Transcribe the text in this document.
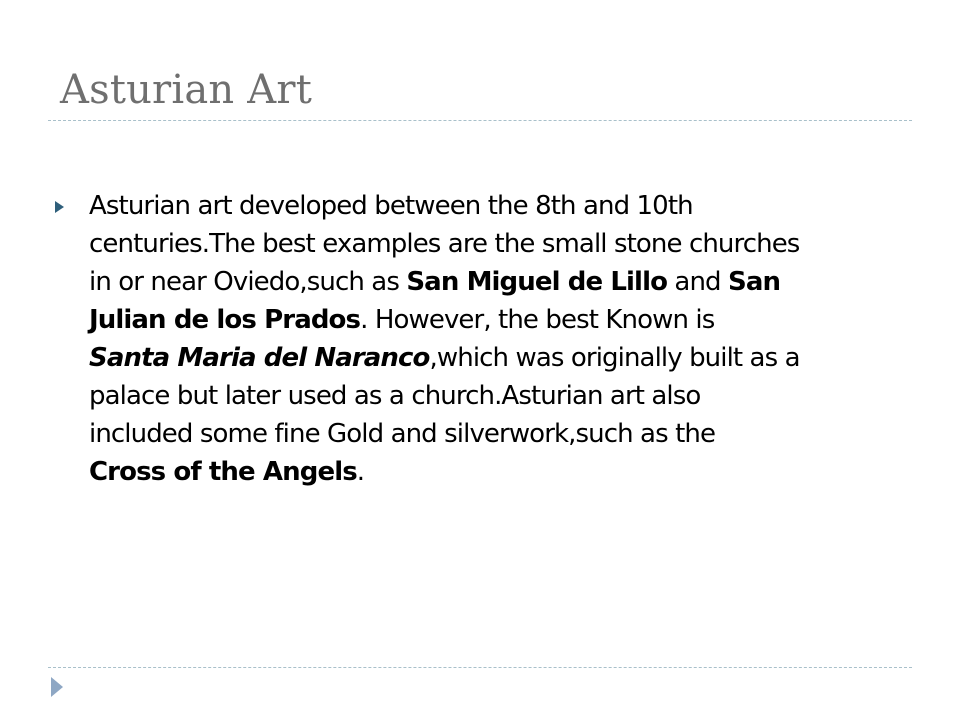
Asturian Art
Asturian art developed between the 8th and 10th
centuries.The best examples are the small stone churches
in or near Oviedo,such as San Miguel de Lillo and San
Julian de los Prados. However, the best Known is
Santa Maria del Naranco,which was originally built as a
palace but later used as a church.Asturian art also
included some fine Gold and silverwork,such as the
Cross of the Angels.
